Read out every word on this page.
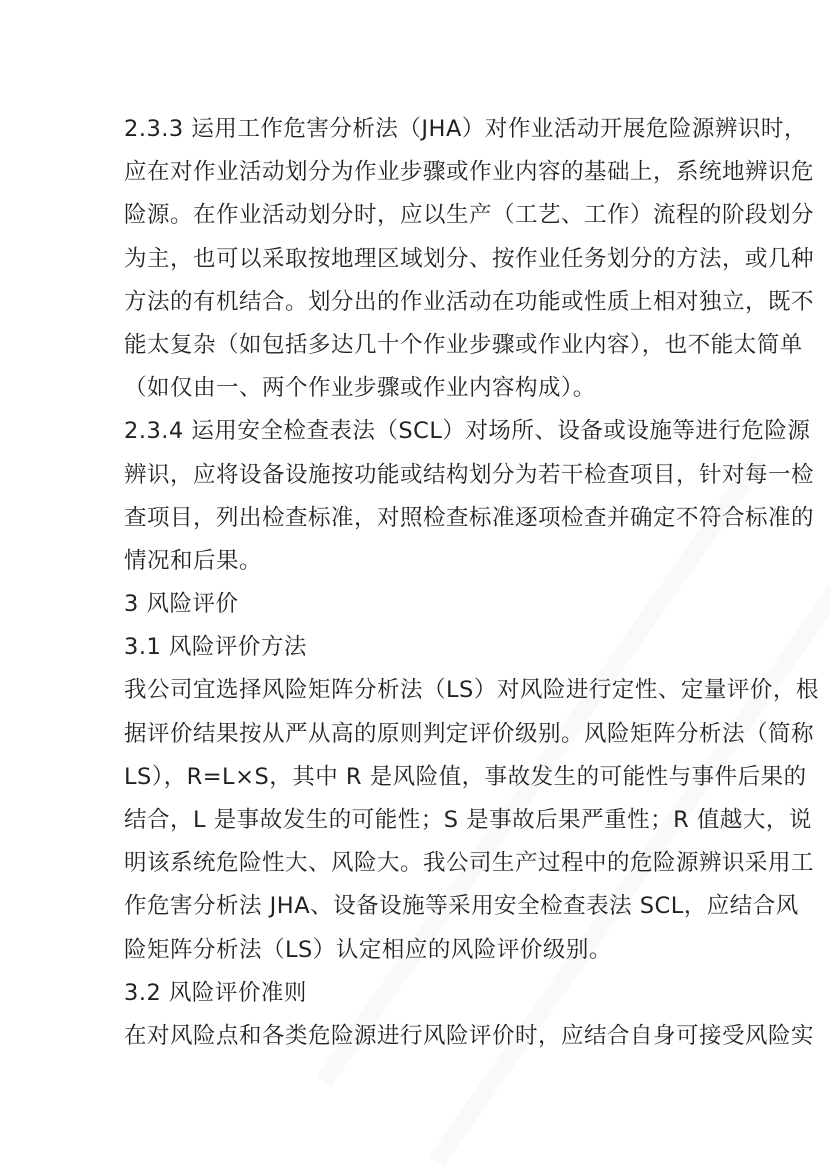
2.3.3 运用工作危害分析法（JHA）对作业活动开展危险源辨识时，
应在对作业活动划分为作业步骤或作业内容的基础上，系统地辨识危
险源。在作业活动划分时，应以生产（工艺、工作）流程的阶段划分
为主，也可以采取按地理区域划分、按作业任务划分的方法，或几种
方法的有机结合。划分出的作业活动在功能或性质上相对独立，既不
能太复杂（如包括多达几十个作业步骤或作业内容），也不能太简单
（如仅由一、两个作业步骤或作业内容构成）。
2.3.4 运用安全检查表法（SCL）对场所、设备或设施等进行危险源
辨识，应将设备设施按功能或结构划分为若干检查项目，针对每一检
查项目，列出检查标准，对照检查标准逐项检查并确定不符合标准的
情况和后果。
3 风险评价
3.1 风险评价方法
我公司宜选择风险矩阵分析法（LS）对风险进行定性、定量评价，根
据评价结果按从严从高的原则判定评价级别。风险矩阵分析法（简称
LS），R=L×S，其中 R 是风险值，事故发生的可能性与事件后果的
结合，L 是事故发生的可能性；S 是事故后果严重性；R 值越大，说
明该系统危险性大、风险大。我公司生产过程中的危险源辨识采用工
作危害分析法 JHA、设备设施等采用安全检查表法 SCL，应结合风
险矩阵分析法（LS）认定相应的风险评价级别。
3.2 风险评价准则
在对风险点和各类危险源进行风险评价时，应结合自身可接受风险实
